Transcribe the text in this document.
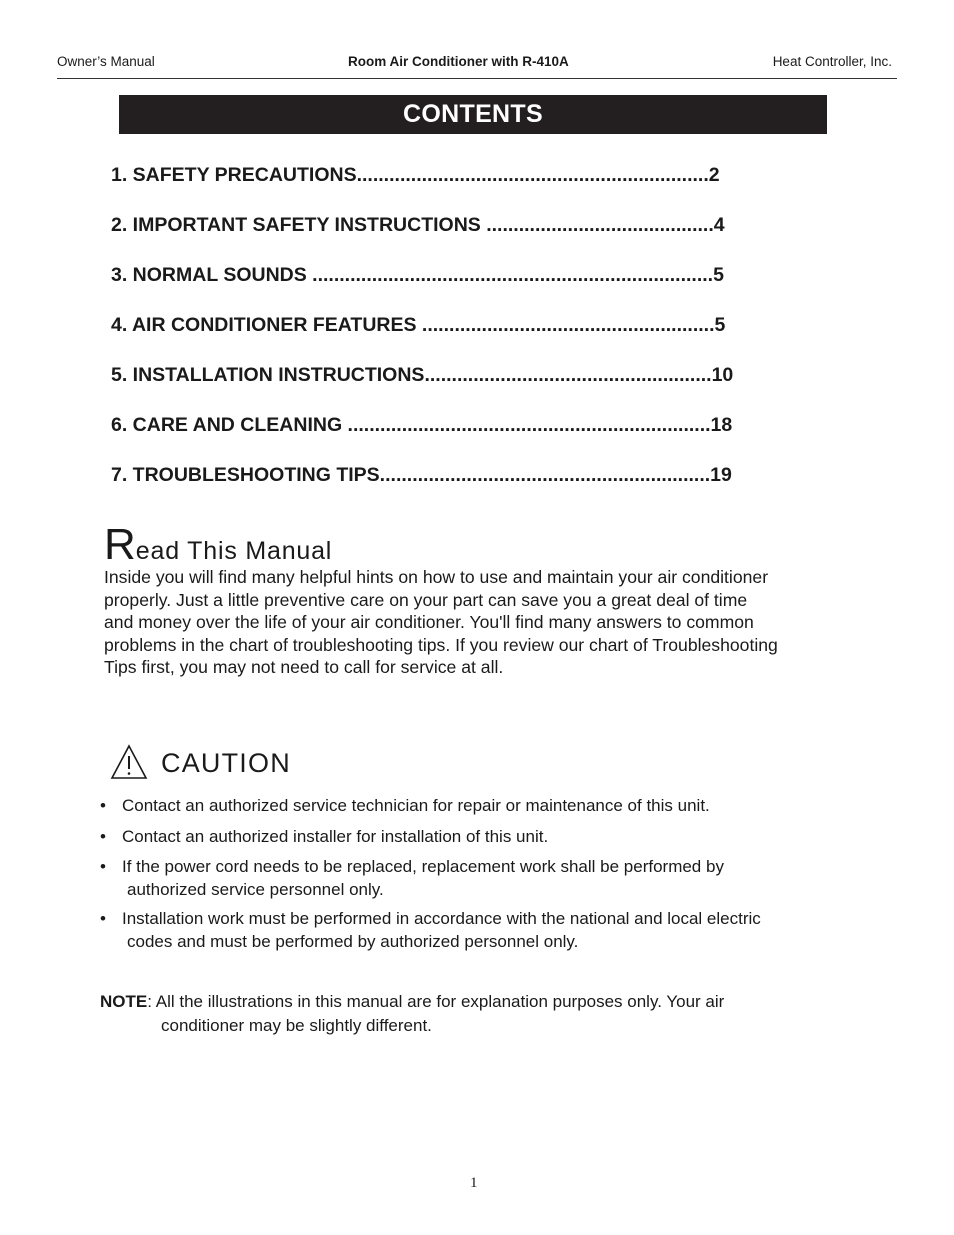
Owner’s Manual	Room Air Conditioner with R-410A	Heat Controller, Inc.
CONTENTS
1. SAFETY PRECAUTIONS.................................................................2
2. IMPORTANT SAFETY INSTRUCTIONS ..........................................4
3. NORMAL SOUNDS ..........................................................................5
4. AIR CONDITIONER FEATURES ......................................................5
5. INSTALLATION INSTRUCTIONS.....................................................10
6. CARE AND CLEANING ...................................................................18
7. TROUBLESHOOTING TIPS.............................................................19
Read This Manual
Inside you will find many helpful hints on how to use and maintain your air conditioner
properly. Just a little preventive care on your part can save you a great deal of time
and money over the life of your air conditioner. You'll find many answers to common
problems in the chart of troubleshooting tips. If you review our chart of Troubleshooting
Tips first, you may not need to call for service at all.
CAUTION
• Contact an authorized service technician for repair or maintenance of this unit.
• Contact an authorized installer for installation of this unit.
• If the power cord needs to be replaced, replacement work shall be performed by
authorized service personnel only.
• Installation work must be performed in accordance with the national and local electric
codes and must be performed by authorized personnel only.
NOTE: All the illustrations in this manual are for explanation purposes only. Your air
conditioner may be slightly different.
1
